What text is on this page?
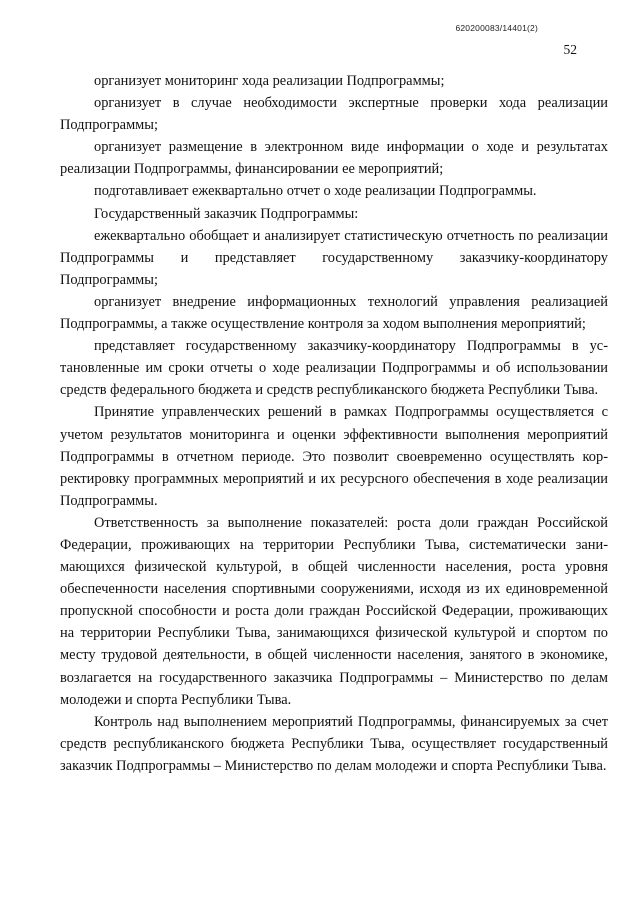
620200083/14401(2)
52

организует мониторинг хода реализации Подпрограммы;

организует в случае необходимости экспертные проверки хода реализации Подпрограммы;

организует размещение в электронном виде информации о ходе и результатах реализации Подпрограммы, финансировании ее мероприятий;

подготавливает ежеквартально отчет о ходе реализации Подпрограммы.

Государственный заказчик Подпрограммы:

ежеквартально обобщает и анализирует статистическую отчетность по реализации Подпрограммы и представляет государственному заказчику-координатору Подпрограммы;

организует внедрение информационных технологий управления реализацией Подпрограммы, а также осуществление контроля за ходом выполнения мероприятий;

представляет государственному заказчику-координатору Подпрограммы в установленные им сроки отчеты о ходе реализации Подпрограммы и об использовании средств федерального бюджета и средств республиканского бюджета Республики Тыва.

Принятие управленческих решений в рамках Подпрограммы осуществляется с учетом результатов мониторинга и оценки эффективности выполнения мероприятий Подпрограммы в отчетном периоде. Это позволит своевременно осуществлять корректировку программных мероприятий и их ресурсного обеспечения в ходе реализации Подпрограммы.

Ответственность за выполнение показателей: роста доли граждан Российской Федерации, проживающих на территории Республики Тыва, систематически занимающихся физической культурой, в общей численности населения, роста уровня обеспеченности населения спортивными сооружениями, исходя из их единовременной пропускной способности и роста доли граждан Российской Федерации, проживающих на территории Республики Тыва, занимающихся физической культурой и спортом по месту трудовой деятельности, в общей численности населения, занятого в экономике, возлагается на государственного заказчика Подпрограммы – Министерство по делам молодежи и спорта Республики Тыва.

Контроль над выполнением мероприятий Подпрограммы, финансируемых за счет средств республиканского бюджета Республики Тыва, осуществляет государственный заказчик Подпрограммы – Министерство по делам молодежи и спорта Республики Тыва.
